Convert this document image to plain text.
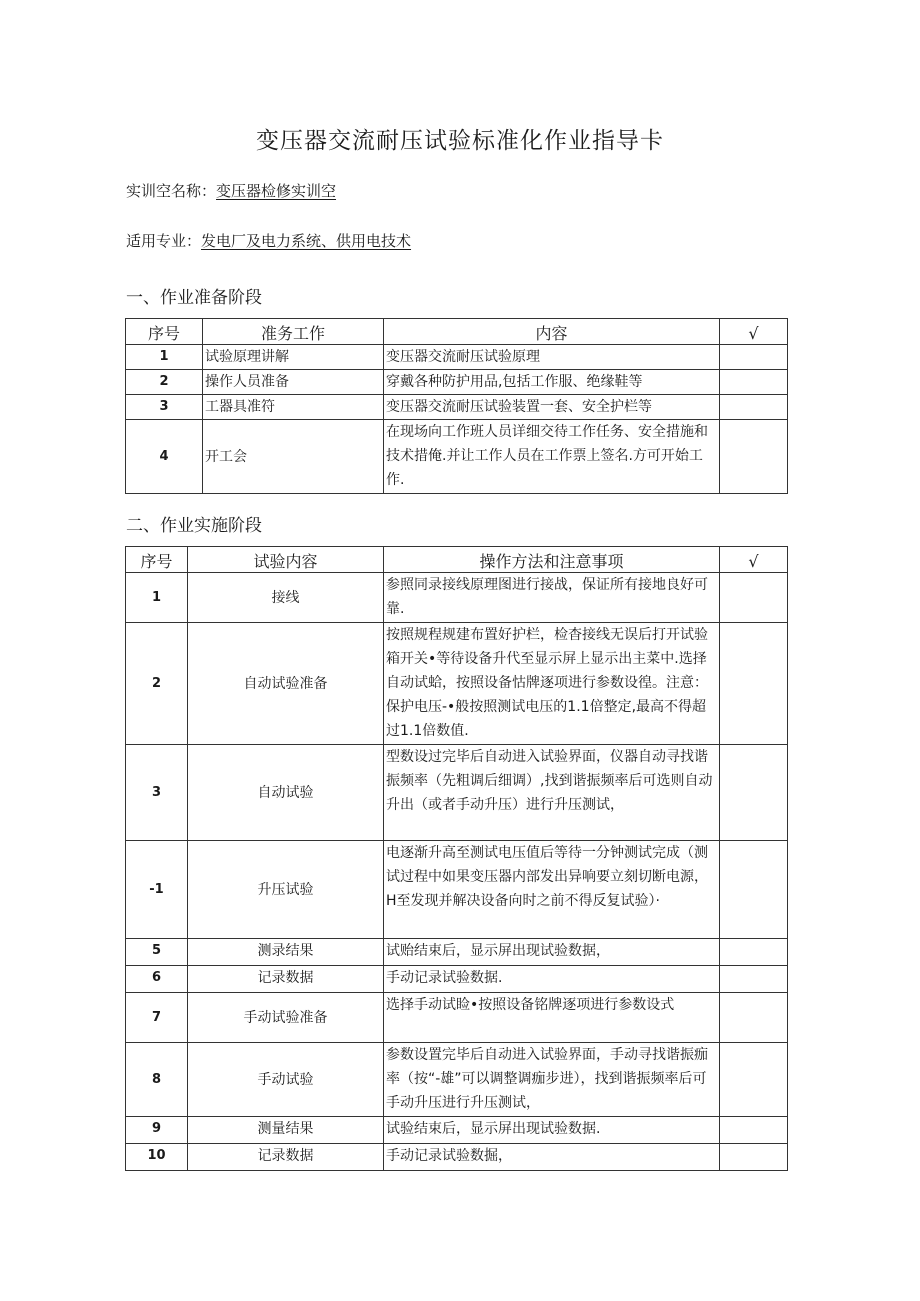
变压器交流耐压试验标准化作业指导卡
实训空名称：变压器检修实训空
适用专业：发电厂及电力系统、供用电技术
一、作业准备阶段
序号	准务工作	内容	√
1	试验原理讲解	变压器交流耐压试验原理	
2	操作人员准备	穿戴各种防护用品,包括工作服、绝缘鞋等	
3	工器具准符	变压器交流耐压试验装置一套、安全护栏等	
4	开工会	在现场向工作班人员详细交待工作任务、安全措施和技术措俺.并让工作人员在工作票上签名.方可开始工作.	
二、作业实施阶段
序号	试验内容	操作方法和注意事项	√
1	接线	参照同录接线原理图进行接战，保证所有接地良好可靠.	
2	自动试验准备	按照规程规建布置好护栏，检杳接线无误后打开试验箱开关•等待设备升代至显示屏上显示出主菜中.选择自动试蛤，按照设备怙牌逐项进行参数设徨。注意：保护电压-•般按照测试电压的1.1倍整定,最高不得超过1.1倍数值.	
3	自动试验	型数设过完毕后自动进入试验界面，仪器自动寻找谐振频率（先粗调后细调）,找到谐振频率后可选则自动升出（或者手动升压）进行升压测试，	
-1	升压试验	电逐渐升高至测试电压值后等待一分钟测试完成（测试过程中如果变压器内部发出异响要立刻切断电源，H至发现并解决设备向时之前不得反复试验）·	
5	测录结果	试贻结束后，显示屏出现试验数据，	
6	记录数据	手动记录试验数据.	
7	手动试验准备	选择手动试睑•按照设备铭牌逐项进行参数设式	
8	手动试验	参数设置完毕后自动进入试验界面，手动寻找谐振痂率（按“-雄”可以调整调痂步进），找到谐振频率后可手动升压进行升压测试，	
9	测量结果	试验结束后，显示屏出现试验数据.	
10	记录数据	手动记录试验数掘，	
